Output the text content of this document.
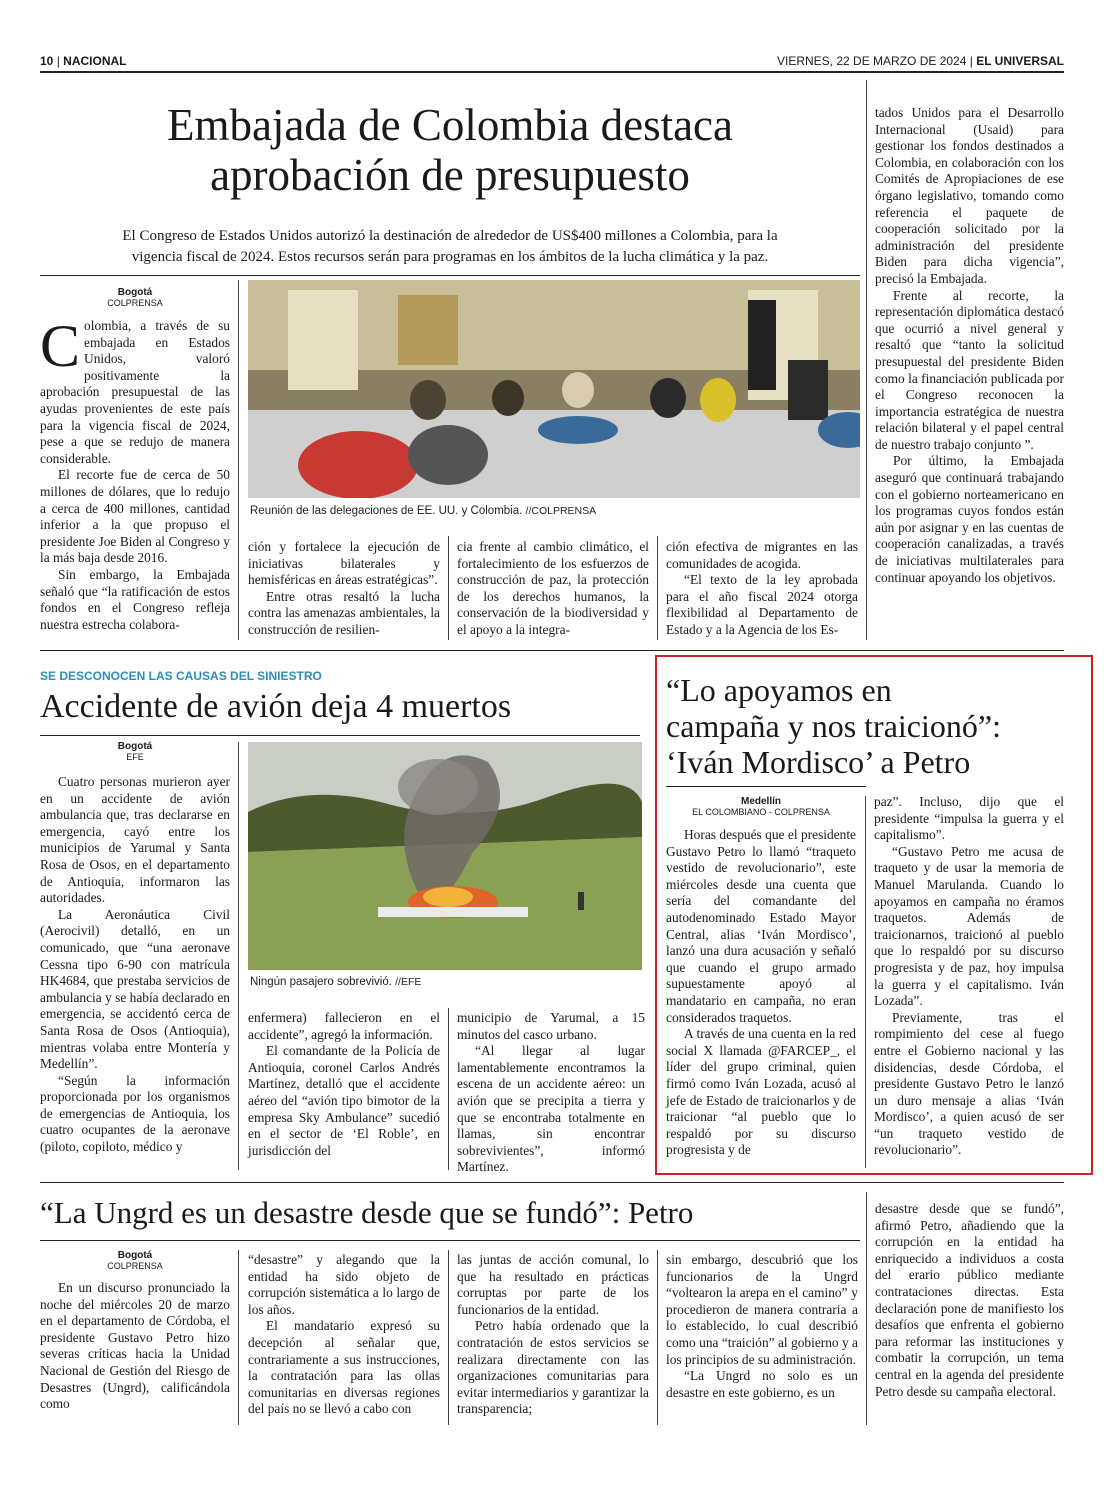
10 | NACIONAL	VIERNES, 22 DE MARZO DE 2024 | EL UNIVERSAL
Embajada de Colombia destaca
aprobación de presupuesto
El Congreso de Estados Unidos autorizó la destinación de alrededor de US$400 millones a Colombia, para la
vigencia fiscal de 2024. Estos recursos serán para programas en los ámbitos de la lucha climática y la paz.
Bogotá
COLPRENSA
C olombia, a través de su embajada en Estados Unidos, valoró positivamente la aprobación presupuestal de las ayudas provenientes de este país para la vigencia fiscal de 2024, pese a que se redujo de manera considerable.

El recorte fue de cerca de 50 millones de dólares, que lo redujo a cerca de 400 millones, cantidad inferior a la que propuso el presidente Joe Biden al Congreso y la más baja desde 2016.

Sin embargo, la Embajada señaló que “la ratificación de estos fondos en el Congreso refleja nuestra estrecha colabora-

Reunión de las delegaciones de EE. UU. y Colombia. //COLPRENSA

ción y fortalece la ejecución de iniciativas bilaterales y hemisféricas en áreas estratégicas”.

Entre otras resaltó la lucha contra las amenazas ambientales, la construcción de resilien-

cia frente al cambio climático, el fortalecimiento de los esfuerzos de construcción de paz, la protección de los derechos humanos, la conservación de la biodiversidad y el apoyo a la integra-

ción efectiva de migrantes en las comunidades de acogida.

“El texto de la ley aprobada para el año fiscal 2024 otorga flexibilidad al Departamento de Estado y a la Agencia de los Es-

tados Unidos para el Desarrollo Internacional (Usaid) para gestionar los fondos destinados a Colombia, en colaboración con los Comités de Apropiaciones de ese órgano legislativo, tomando como referencia el paquete de cooperación solicitado por la administración del presidente Biden para dicha vigencia”, precisó la Embajada.

Frente al recorte, la representación diplomática destacó que ocurrió a nivel general y resaltó que “tanto la solicitud presupuestal del presidente Biden como la financiación publicada por el Congreso reconocen la importancia estratégica de nuestra relación bilateral y el papel central de nuestro trabajo conjunto ”.

Por último, la Embajada aseguró que continuará trabajando con el gobierno norteamericano en los programas cuyos fondos están aún por asignar y en las cuentas de cooperación canalizadas, a través de iniciativas multilaterales para continuar apoyando los objetivos.

SE DESCONOCEN LAS CAUSAS DEL SINIESTRO
Accidente de avión deja 4 muertos
Bogotá
EFE

Cuatro personas murieron ayer en un accidente de avión ambulancia que, tras declararse en emergencia, cayó entre los municipios de Yarumal y Santa Rosa de Osos, en el departamento de Antioquia, informaron las autoridades.

La Aeronáutica Civil (Aerocivil) detalló, en un comunicado, que “una aeronave Cessna tipo 6-90 con matrícula HK4684, que prestaba servicios de ambulancia y se había declarado en emergencia, se accidentó cerca de Santa Rosa de Osos (Antioquia), mientras volaba entre Montería y Medellín”.

“Según la información proporcionada por los organismos de emergencias de Antioquia, los cuatro ocupantes de la aeronave (piloto, copiloto, médico y

Ningún pasajero sobrevivió. //EFE

enfermera) fallecieron en el accidente”, agregó la información.

El comandante de la Policía de Antioquia, coronel Carlos Andrés Martínez, detalló que el accidente aéreo del “avión tipo bimotor de la empresa Sky Ambulance” sucedió en el sector de ‘El Roble’, en jurisdicción del

municipio de Yarumal, a 15 minutos del casco urbano.

“Al llegar al lugar lamentablemente encontramos la escena de un accidente aéreo: un avión que se precipita a tierra y que se encontraba totalmente en llamas, sin encontrar sobrevivientes”, informó Martínez.

“Lo apoyamos en
campaña y nos traicionó”:
‘Iván Mordisco’ a Petro
Medellín
EL COLOMBIANO - COLPRENSA

Horas después que el presidente Gustavo Petro lo llamó “traqueto vestido de revolucionario”, este miércoles desde una cuenta que sería del comandante del autodenominado Estado Mayor Central, alias ‘Iván Mordisco’, lanzó una dura acusación y señaló que cuando el grupo armado supuestamente apoyó al mandatario en campaña, no eran considerados traquetos.

A través de una cuenta en la red social X llamada @FARCEP_, el líder del grupo criminal, quien firmó como Iván Lozada, acusó al jefe de Estado de traicionarlos y de traicionar “al pueblo que lo respaldó por su discurso progresista y de

paz”. Incluso, dijo que el presidente “impulsa la guerra y el capitalismo”.

“Gustavo Petro me acusa de traqueto y de usar la memoria de Manuel Marulanda. Cuando lo apoyamos en campaña no éramos traquetos. Además de traicionarnos, traicionó al pueblo que lo respaldó por su discurso progresista y de paz, hoy impulsa la guerra y el capitalismo. Iván Lozada”.

Previamente, tras el rompimiento del cese al fuego entre el Gobierno nacional y las disidencias, desde Córdoba, el presidente Gustavo Petro le lanzó un duro mensaje a alias ‘Iván Mordisco’, a quien acusó de ser “un traqueto vestido de revolucionario”.

“La Ungrd es un desastre desde que se fundó”: Petro
Bogotá
COLPRENSA

En un discurso pronunciado la noche del miércoles 20 de marzo en el departamento de Córdoba, el presidente Gustavo Petro hizo severas críticas hacia la Unidad Nacional de Gestión del Riesgo de Desastres (Ungrd), calificándola como

“desastre” y alegando que la entidad ha sido objeto de corrupción sistemática a lo largo de los años.

El mandatario expresó su decepción al señalar que, contrariamente a sus instrucciones, la contratación para las ollas comunitarias en diversas regiones del país no se llevó a cabo con

las juntas de acción comunal, lo que ha resultado en prácticas corruptas por parte de los funcionarios de la entidad.

Petro había ordenado que la contratación de estos servicios se realizara directamente con las organizaciones comunitarias para evitar intermediarios y garantizar la transparencia;

sin embargo, descubrió que los funcionarios de la Ungrd “voltearon la arepa en el camino” y procedieron de manera contraria a lo establecido, lo cual describió como una “traición” al gobierno y a los principios de su administración.

“La Ungrd no solo es un desastre en este gobierno, es un

desastre desde que se fundó”, afirmó Petro, añadiendo que la corrupción en la entidad ha enriquecido a individuos a costa del erario público mediante contrataciones directas. Esta declaración pone de manifiesto los desafíos que enfrenta el gobierno para reformar las instituciones y combatir la corrupción, un tema central en la agenda del presidente Petro desde su campaña electoral.
